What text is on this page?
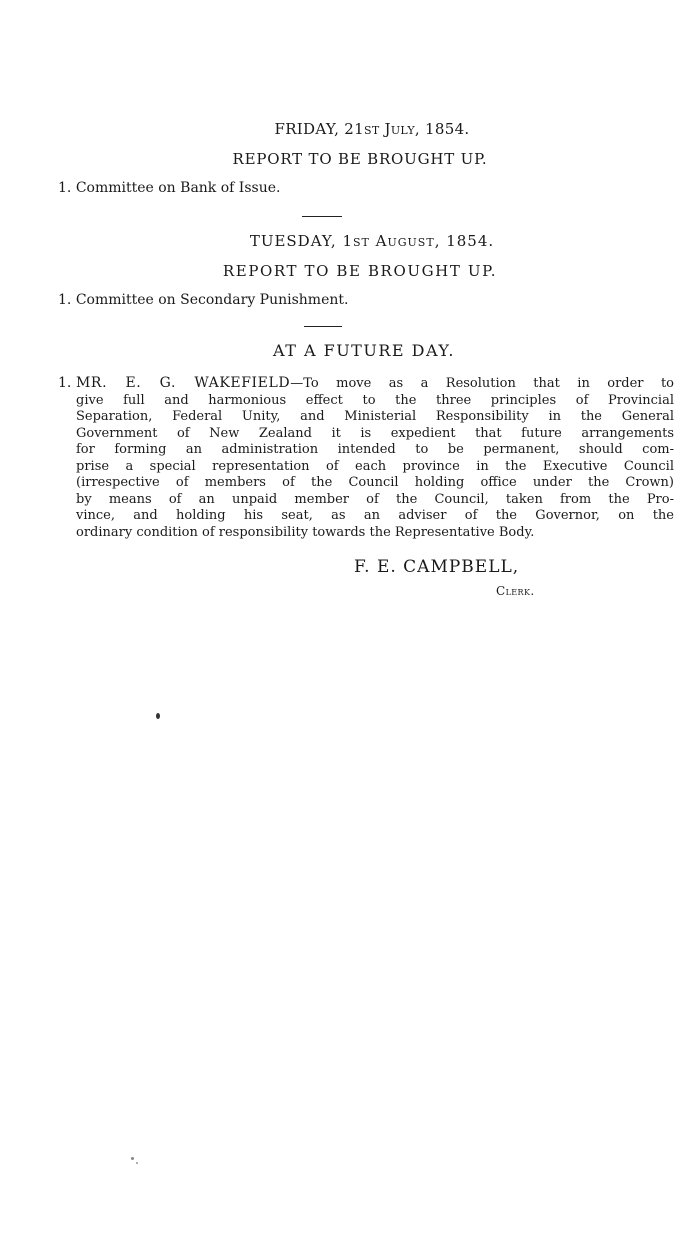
FRIDAY, 21st July, 1854.
REPORT TO BE BROUGHT UP.
1. Committee on Bank of Issue.
TUESDAY, 1st August, 1854.
REPORT TO BE BROUGHT UP.
1. Committee on Secondary Punishment.
AT A FUTURE DAY.
1. MR. E. G. WAKEFIELD—To move as a Resolution that in order to
give full and harmonious effect to the three principles of Provincial
Separation, Federal Unity, and Ministerial Responsibility in the General
Government of New Zealand it is expedient that future arrangements
for forming an administration intended to be permanent, should com-
prise a special representation of each province in the Executive Council
(irrespective of members of the Council holding office under the Crown)
by means of an unpaid member of the Council, taken from the Pro-
vince, and holding his seat, as an adviser of the Governor, on the
ordinary condition of responsibility towards the Representative Body.
F. E. CAMPBELL,
Clerk.
